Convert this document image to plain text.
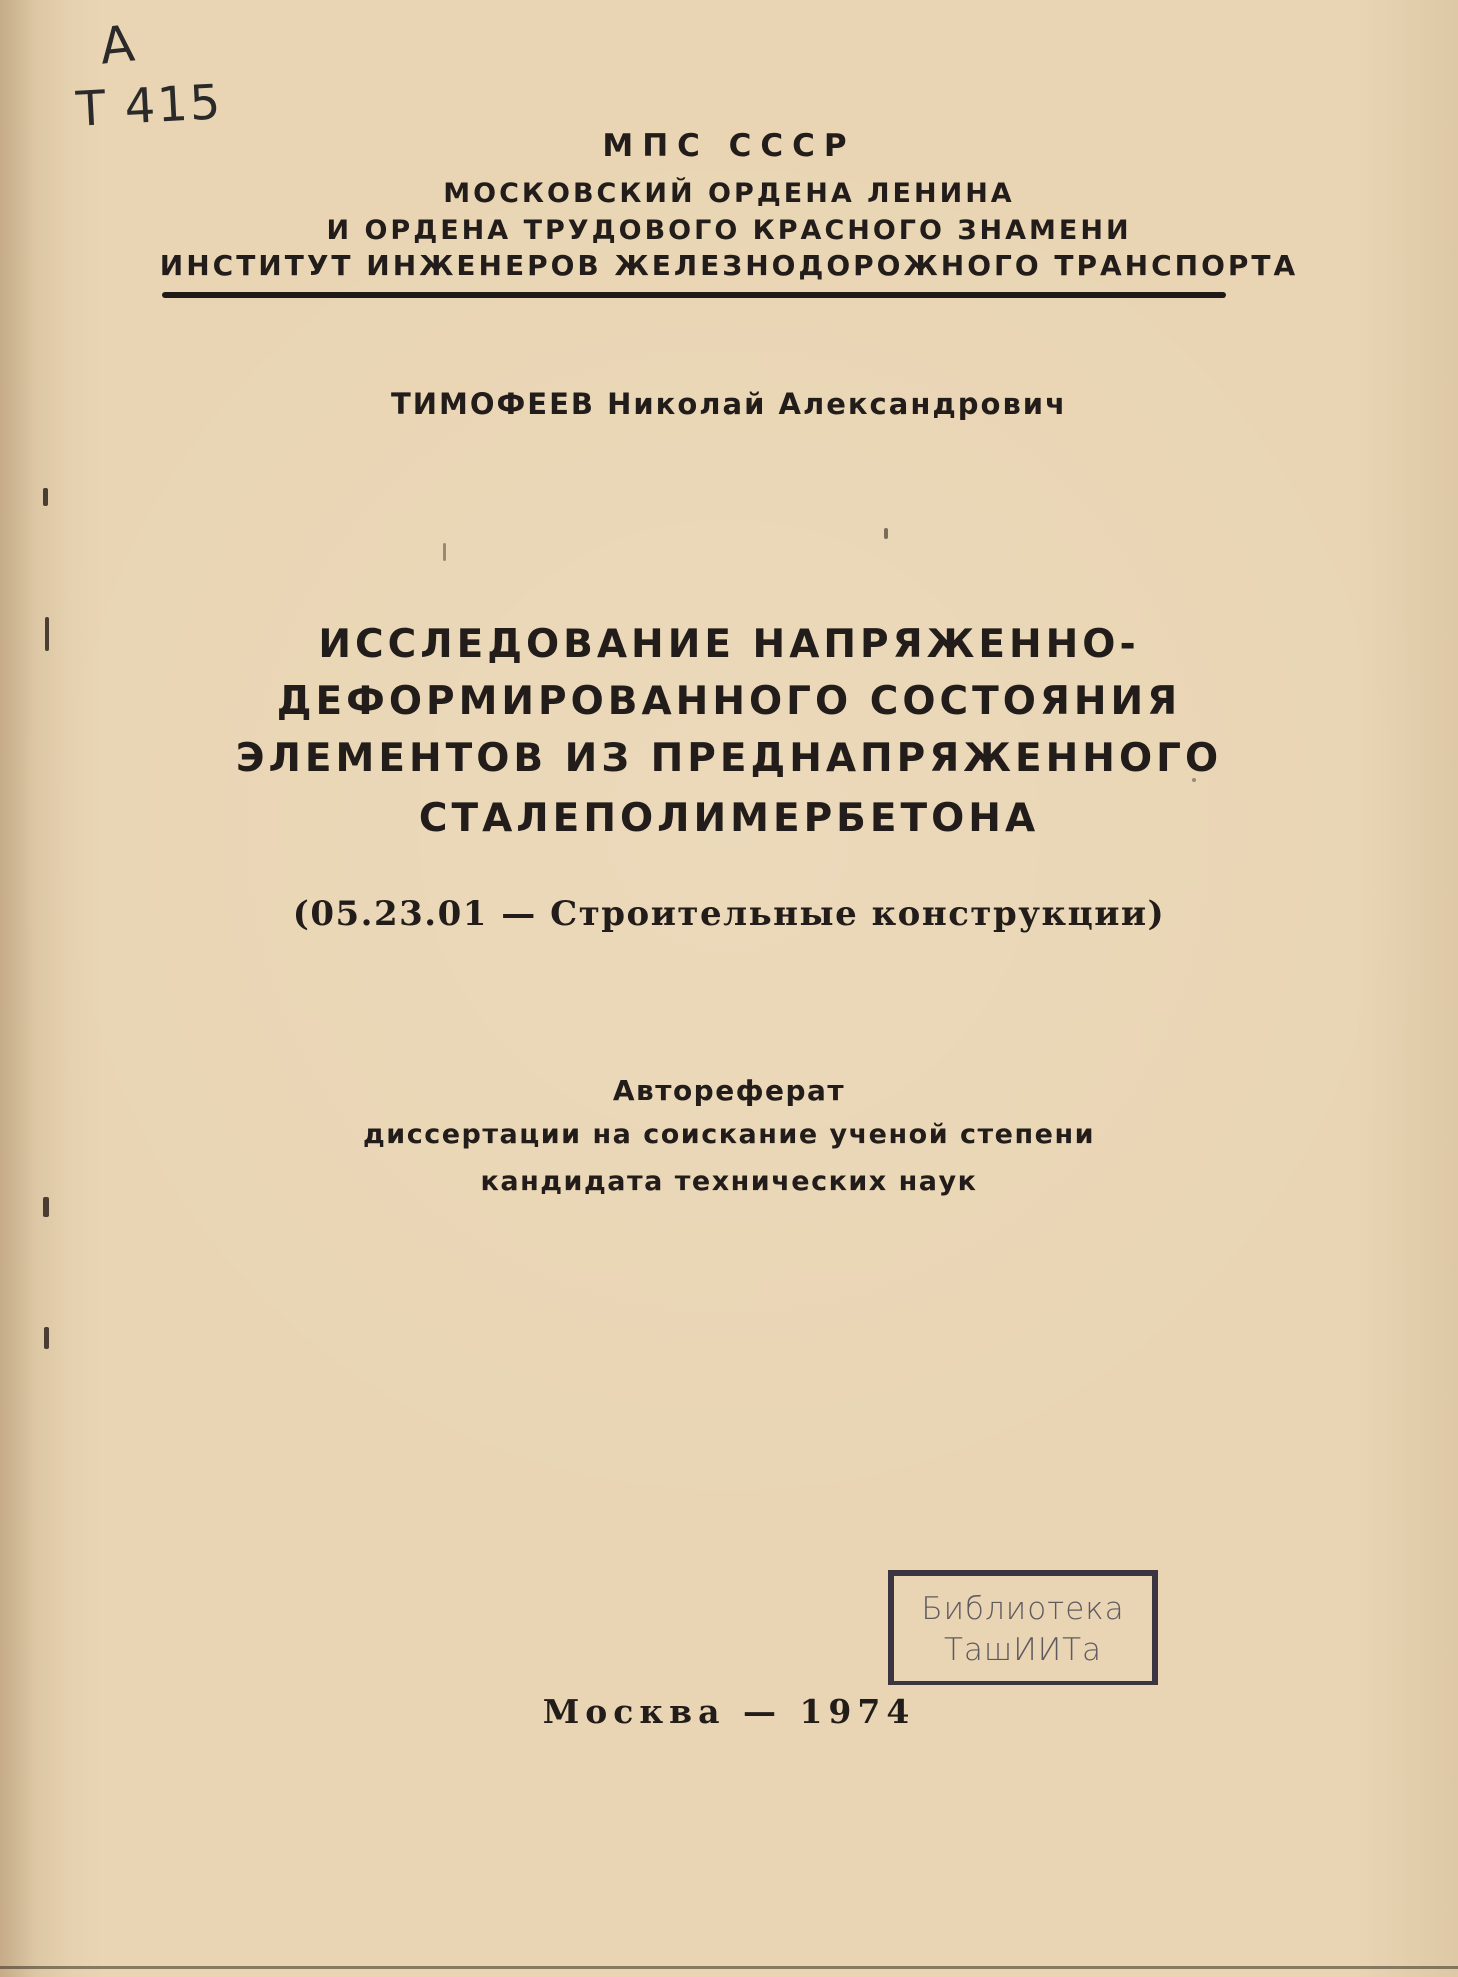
А
Т 415
МПС СССР
МОСКОВСКИЙ ОРДЕНА ЛЕНИНА
И ОРДЕНА ТРУДОВОГО КРАСНОГО ЗНАМЕНИ
ИНСТИТУТ ИНЖЕНЕРОВ ЖЕЛЕЗНОДОРОЖНОГО ТРАНСПОРТА
ТИМОФЕЕВ Николай Александрович
ИССЛЕДОВАНИЕ НАПРЯЖЕННО-
ДЕФОРМИРОВАННОГО СОСТОЯНИЯ
ЭЛЕМЕНТОВ ИЗ ПРЕДНАПРЯЖЕННОГО
СТАЛЕПОЛИМЕРБЕТОНА
(05.23.01 — Строительные конструкции)
Автореферат
диссертации на соискание ученой степени
кандидата технических наук
Библиотека
ТашИИТа
Москва — 1974
